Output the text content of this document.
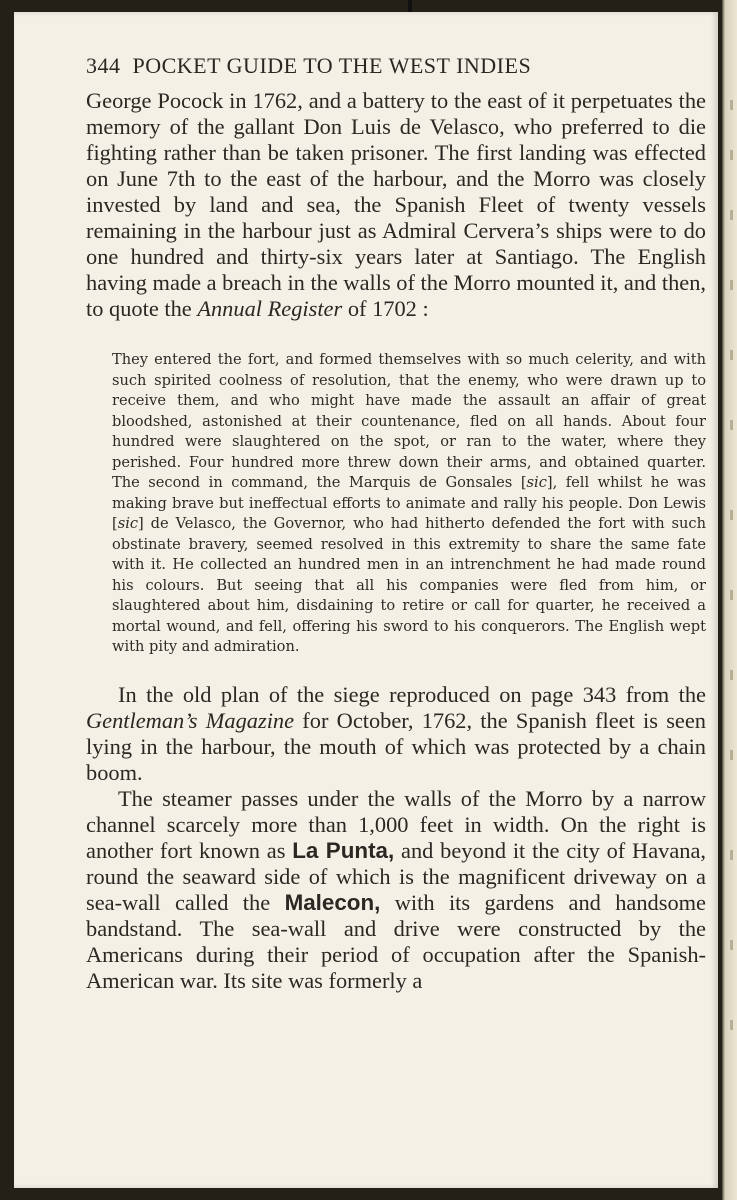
344 POCKET GUIDE TO THE WEST INDIES

George Pocock in 1762, and a battery to the east of it perpetuates the memory of the gallant Don Luis de Velasco, who preferred to die fighting rather than be taken prisoner. The first landing was effected on June 7th to the east of the harbour, and the Morro was closely invested by land and sea, the Spanish Fleet of twenty vessels remaining in the harbour just as Admiral Cervera’s ships were to do one hundred and thirty-six years later at Santiago. The English having made a breach in the walls of the Morro mounted it, and then, to quote the Annual Register of 1702 :

They entered the fort, and formed themselves with so much celerity, and with such spirited coolness of resolution, that the enemy, who were drawn up to receive them, and who might have made the assault an affair of great bloodshed, astonished at their countenance, fled on all hands. About four hundred were slaughtered on the spot, or ran to the water, where they perished. Four hundred more threw down their arms, and obtained quarter. The second in command, the Marquis de Gonsales [sic], fell whilst he was making brave but ineffectual efforts to animate and rally his people. Don Lewis [sic] de Velasco, the Governor, who had hitherto defended the fort with such obstinate bravery, seemed resolved in this extremity to share the same fate with it. He collected an hundred men in an intrenchment he had made round his colours. But seeing that all his companies were fled from him, or slaughtered about him, disdaining to retire or call for quarter, he received a mortal wound, and fell, offering his sword to his conquerors. The English wept with pity and admiration.

In the old plan of the siege reproduced on page 343 from the Gentleman’s Magazine for October, 1762, the Spanish fleet is seen lying in the harbour, the mouth of which was protected by a chain boom.

The steamer passes under the walls of the Morro by a narrow channel scarcely more than 1,000 feet in width. On the right is another fort known as La Punta, and beyond it the city of Havana, round the seaward side of which is the magnificent driveway on a sea-wall called the Malecon, with its gardens and handsome bandstand. The sea-wall and drive were constructed by the Americans during their period of occupation after the Spanish-American war. Its site was formerly a
